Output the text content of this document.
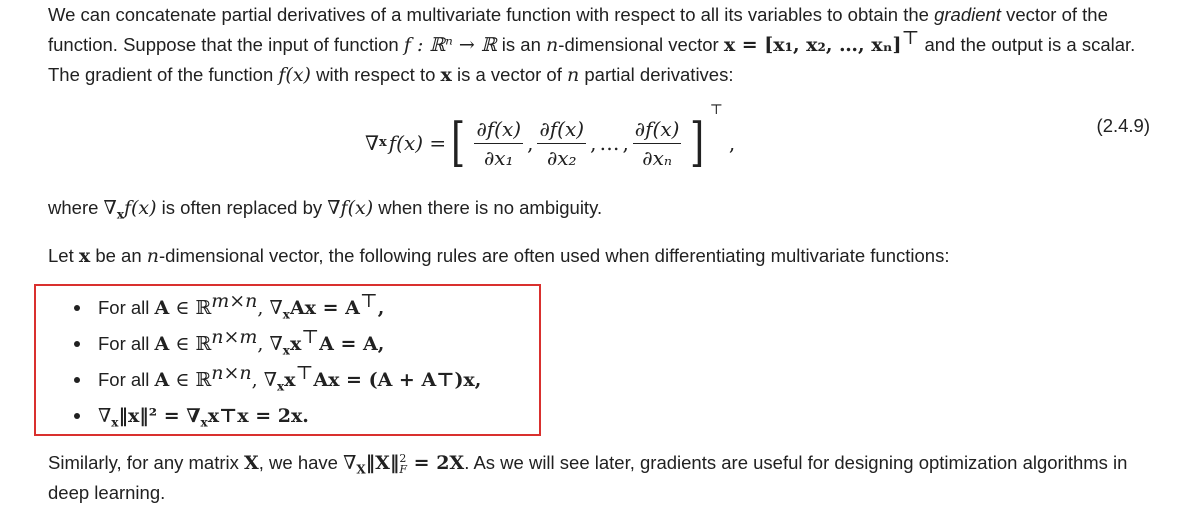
We can concatenate partial derivatives of a multivariate function with respect to all its variables to obtain the gradient vector of the function. Suppose that the input of function f : ℝⁿ → ℝ is an n-dimensional vector x = [x₁, x₂, …, xₙ]⊤ and the output is a scalar. The gradient of the function f(x) with respect to x is a vector of n partial derivatives:

∇ x f(x) = [ $\frac{\partial f(x)}{\text{∂x₁}}$ , $\frac{\partial f(x)}{\text{∂x₂}}$ , … , $\frac{\partial f(x)}{\text{∂xₙ}}$ ]
⊤
,
(2.4.9)

where $\nabla_xf(x)$ is often replaced by ∇f(x) when there is no ambiguity.

Let x be an n-dimensional vector, the following rules are often used when differentiating multivariate functions:

For all A ∈ ℝ$^{m\times n}$, $\nabla_xAx = A^⊤$,
For all A ∈ ℝ$^{n\times m}$, $\nabla_xx^⊤A = A$,
For all A ∈ ℝ$^{n\times n}$, $\nabla_xx^⊤Ax = (A$ + A⊤)x,
$\nabla_x‖x‖^2$ = $\nabla_xx⊤x = 2x$.

Similarly, for any matrix X, we have $\nabla_X‖X‖$ 2
F = 2X. As we will see later, gradients are useful for designing optimization algorithms in deep learning.
